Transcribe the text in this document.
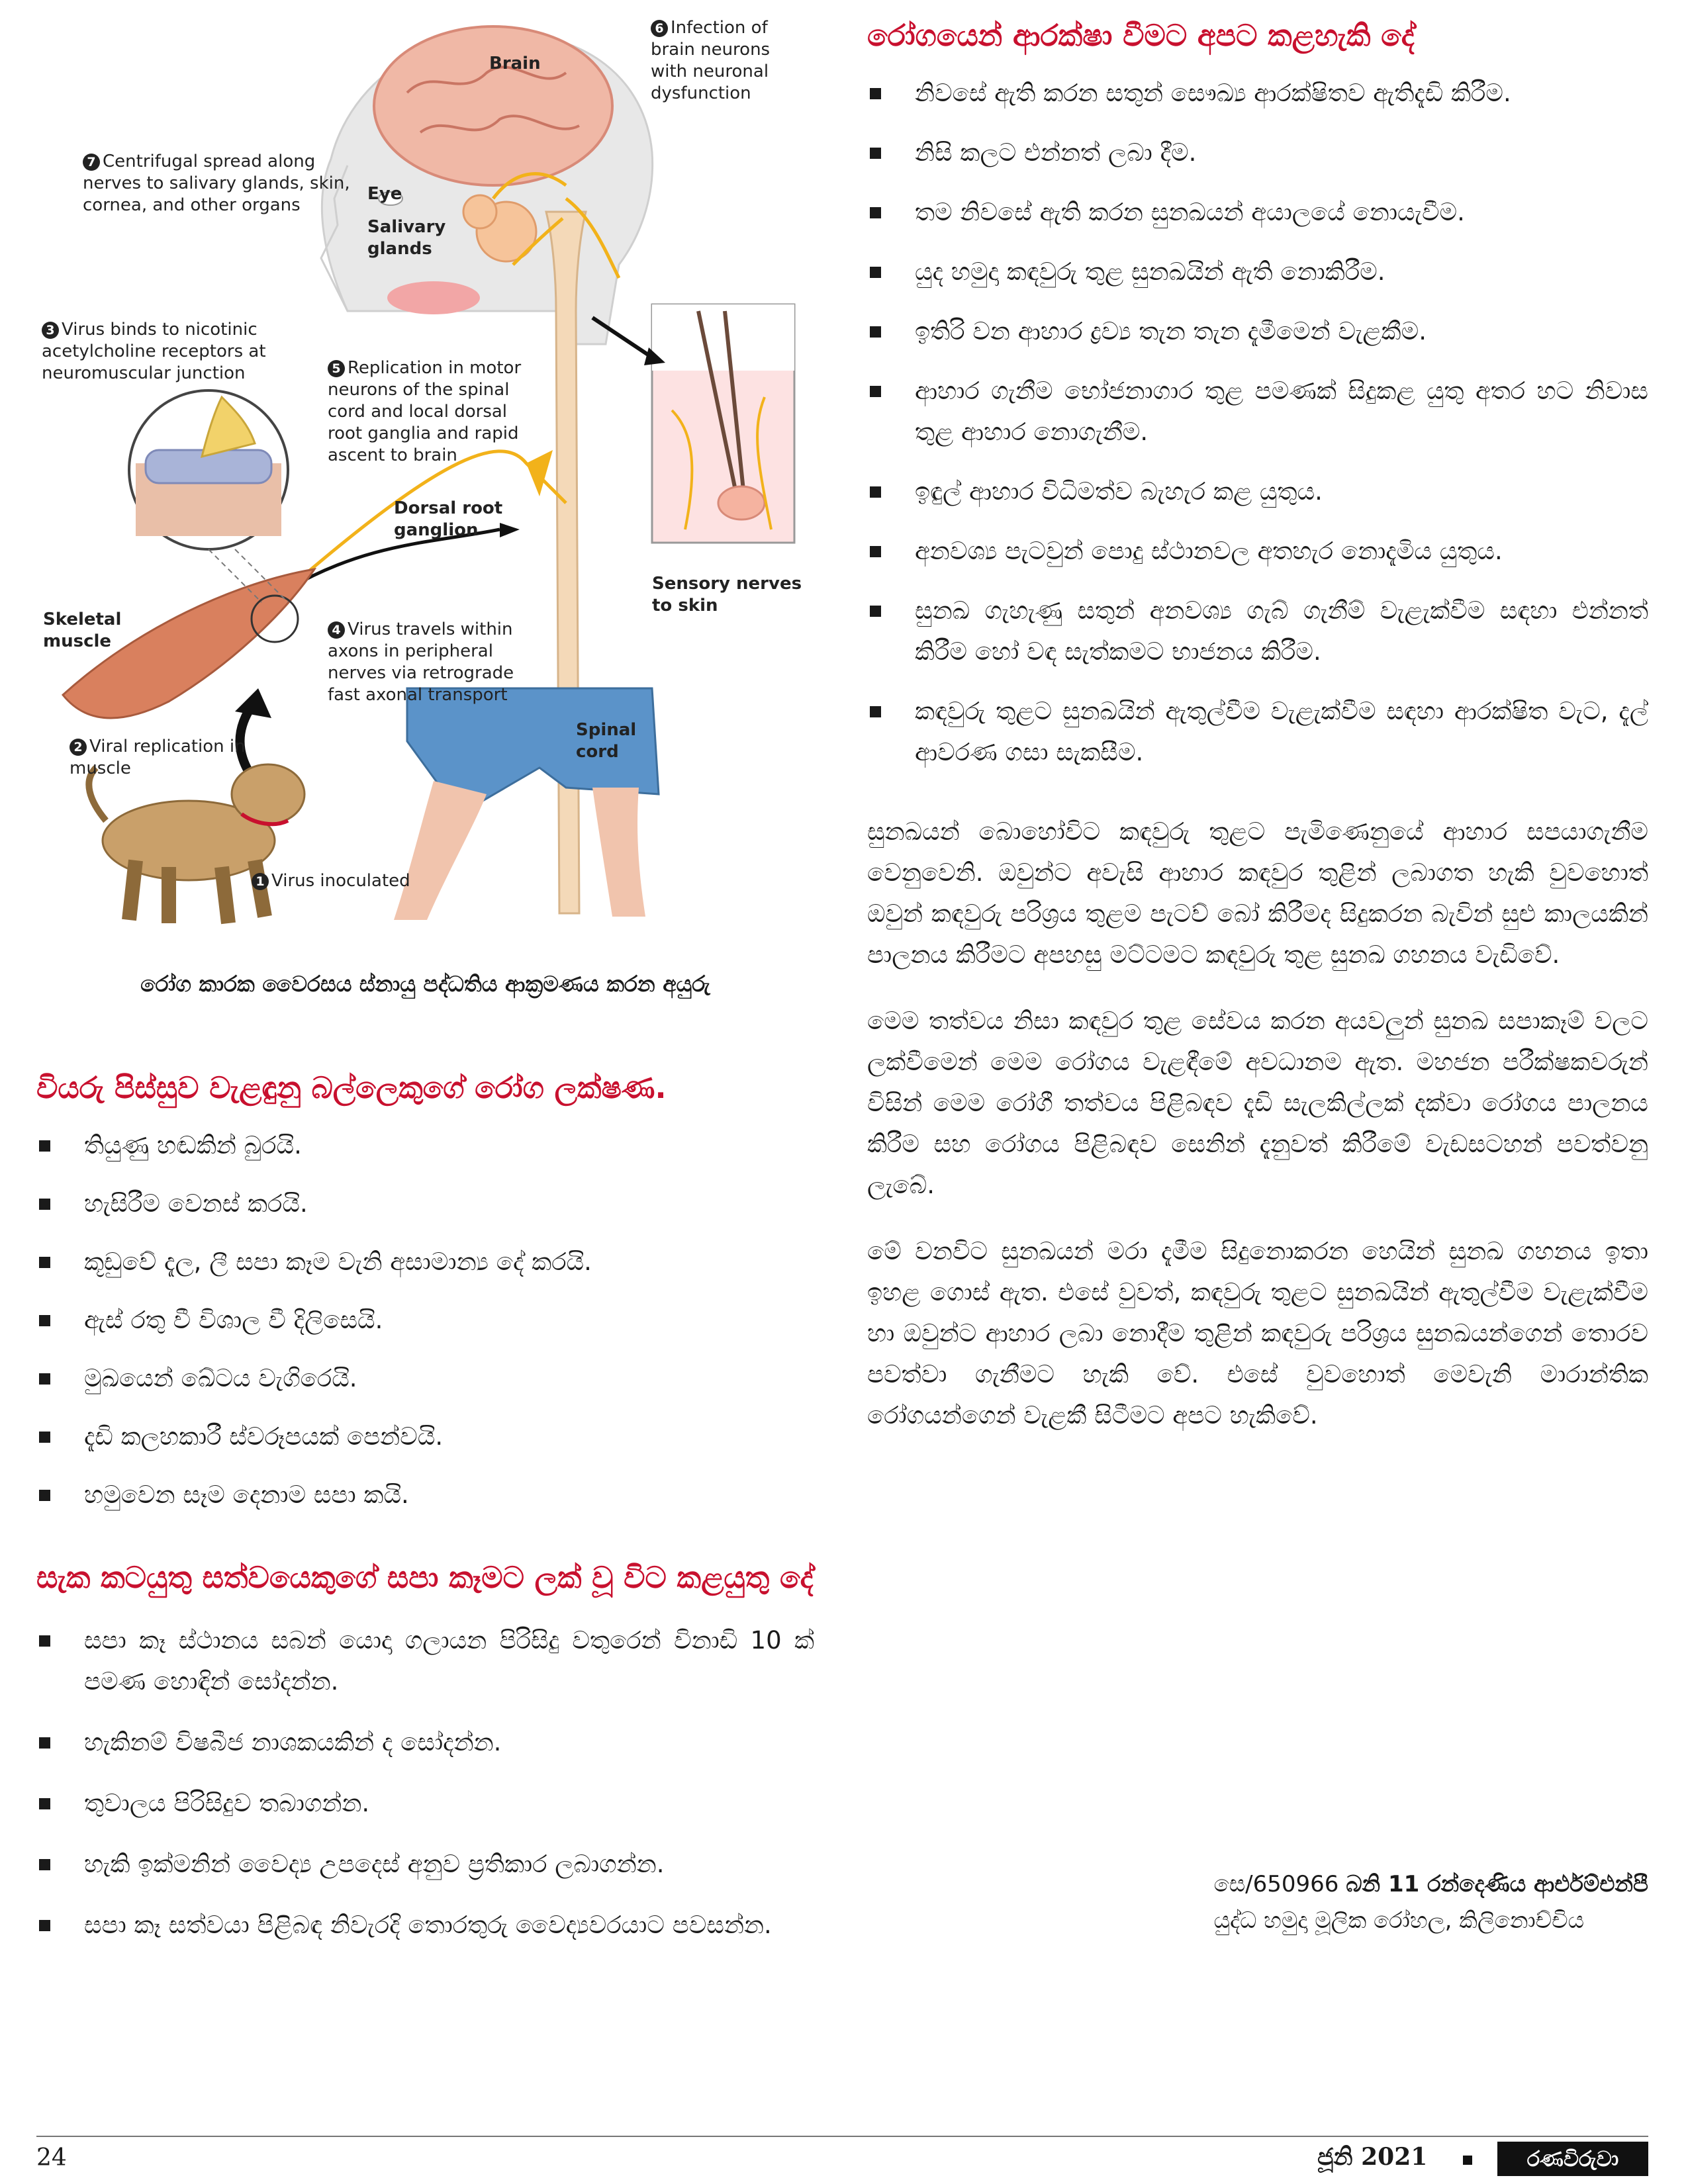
Brain
Eye
Salivary glands
Dorsal root ganglion
Sensory nerves to skin
Skeletal muscle
Spinal cord
6 Infection of brain neurons with neuronal dysfunction
7 Centrifugal spread along nerves to salivary glands, skin, cornea, and other organs
3 Virus binds to nicotinic acetylcholine receptors at neuromuscular junction	5 Replication in motor neurons of the spinal cord and local dorsal root ganglia and rapid ascent to brain
4 Virus travels within axons in peripheral nerves via retrograde fast axonal transport
2 Viral replication in muscle
1 Virus inoculated
රෝග කාරක වෛරසය ස්නායු පද්ධතිය ආක්‍රමණය කරන අයුරු
වියරු පිස්සුව වැළඳුනු බල්ලෙකුගේ රෝග ලක්ෂණ.
තියුණු හඬකින් බුරයි.
හැසිරීම වෙනස් කරයි.
කූඩුවේ දැල, ලී සපා කෑම වැනි අසාමාන්‍ය දේ කරයි.
ඇස් රතු වී විශාල වී දිලිසෙයි.
මුඛයෙන් ඛේටය වැගිරෙයි.
දැඩි කලහකාරී ස්වරූපයක් පෙන්වයි.
හමුවෙන සෑම දෙනාම සපා කයි.
සැක කටයුතු සත්වයෙකුගේ සපා කෑමට ලක් වූ විට කළයුතු දේ
සපා කෑ ස්ථානය සබන් යොදා ගලායන පිරිසිදු වතුරෙන් විනාඩි 10 ක් පමණ හොඳින් සෝදන්න.
හැකිනම් විෂබීජ නාශකයකින් ද සෝදන්න.
තුවාලය පිරිසිදුව තබාගන්න.
හැකි ඉක්මනින් වෛද්‍ය උපදෙස් අනුව ප්‍රතිකාර ලබාගන්න.
සපා කෑ සත්වයා පිළිබඳ නිවැරදි තොරතුරු වෛද්‍යවරයාට පවසන්න.
රෝගයෙන් ආරක්ෂා වීමට අපට කළහැකි දේ
නිවසේ ඇති කරන සතුන් සෞඛ්‍ය ආරක්ෂිතව ඇතිදැඩි කිරීම.
නිසි කලට එන්නත් ලබා දීම.
තම නිවසේ ඇති කරන සුනඛයන් අයාලයේ නොයැවීම.
යුද හමුදා කඳවුරු තුළ සුනඛයින් ඇති නොකිරීම.
ඉතිරි වන ආහාර ද්‍රව්‍ය තැන තැන දැමීමෙන් වැළකීම.
ආහාර ගැනීම භෝජනාගාර තුළ පමණක් සිදුකළ යුතු අතර හට නිවාස තුළ ආහාර නොගැනීම.
ඉඳුල් ආහාර විධිමත්ව බැහැර කළ යුතුය.
අනවශ්‍ය පැටවුන් පොදු ස්ථානවල අතහැර නොදැමිය යුතුය.
සුනඛ ගැහැණු සතුන් අනවශ්‍ය ගැබ් ගැනීම් වැළැක්වීම සඳහා එන්නත් කිරීම හෝ වඳ සැත්කමට භාජනය කිරීම.
කඳවුරු තුළට සුනඛයින් ඇතුල්වීම වැළැක්වීම සඳහා ආරක්ෂිත වැට, දැල් ආවරණ ගසා සැකසීම.

සුනඛයන් බොහෝවිට කඳවුරු තුළට පැමිණෙනුයේ ආහාර සපයාගැනීම වෙනුවෙනි. ඔවුන්ට අවැසි ආහාර කඳවුර තුළින් ලබාගත හැකි වුවහොත් ඔවුන් කඳවුරු පරිශ්‍රය තුළම පැටව් බෝ කිරීමද සිදුකරන බැවින් සුළු කාලයකින් පාලනය කිරීමට අපහසු මට්ටමට කඳවුරු තුළ සුනඛ ගහනය වැඩිවේ.

මෙම තත්වය නිසා කඳවුර තුළ සේවය කරන අයවලුන් සුනඛ සපාකෑම් වලට ලක්වීමෙන් මෙම රෝගය වැළඳීමේ අවධානම ඇත. මහජන පරීක්ෂකවරුන් විසින් මෙම රෝගී තත්වය පිළිබඳව දැඩි සැලකිල්ලක් දක්වා රෝගය පාලනය කිරීම සහ රෝගය පිළිබඳව සෙනින් දැනුවත් කිරීමේ වැඩසටහන් පවත්වනු ලැබේ.

මේ වනවිට සුනඛයන් මරා දැමීම සිදුනොකරන හෙයින් සුනඛ ගහනය ඉතා ඉහළ ගොස් ඇත. එසේ වුවත්, කඳවුරු තුළට සුනඛයින් ඇතුල්වීම වැළැක්වීම හා ඔවුන්ට ආහාර ලබා නොදීම තුළින් කඳවුරු පරිශ්‍රය සුනඛයන්ගෙන් තොරව පවත්වා ගැනීමට හැකි වේ. එසේ වුවහොත් මෙවැනි මාරාන්තික රෝගයන්ගෙන් වැළකී සිටීමට අපට හැකිවේ.

සෙ/650966 බනි 11 රන්දෙණිය ආර්එම්එන්පී
යුද්ධ හමුදා මූලික රෝහල, කිලිනොච්චිය
24	ජූනි 2021	රණවිරුවා
